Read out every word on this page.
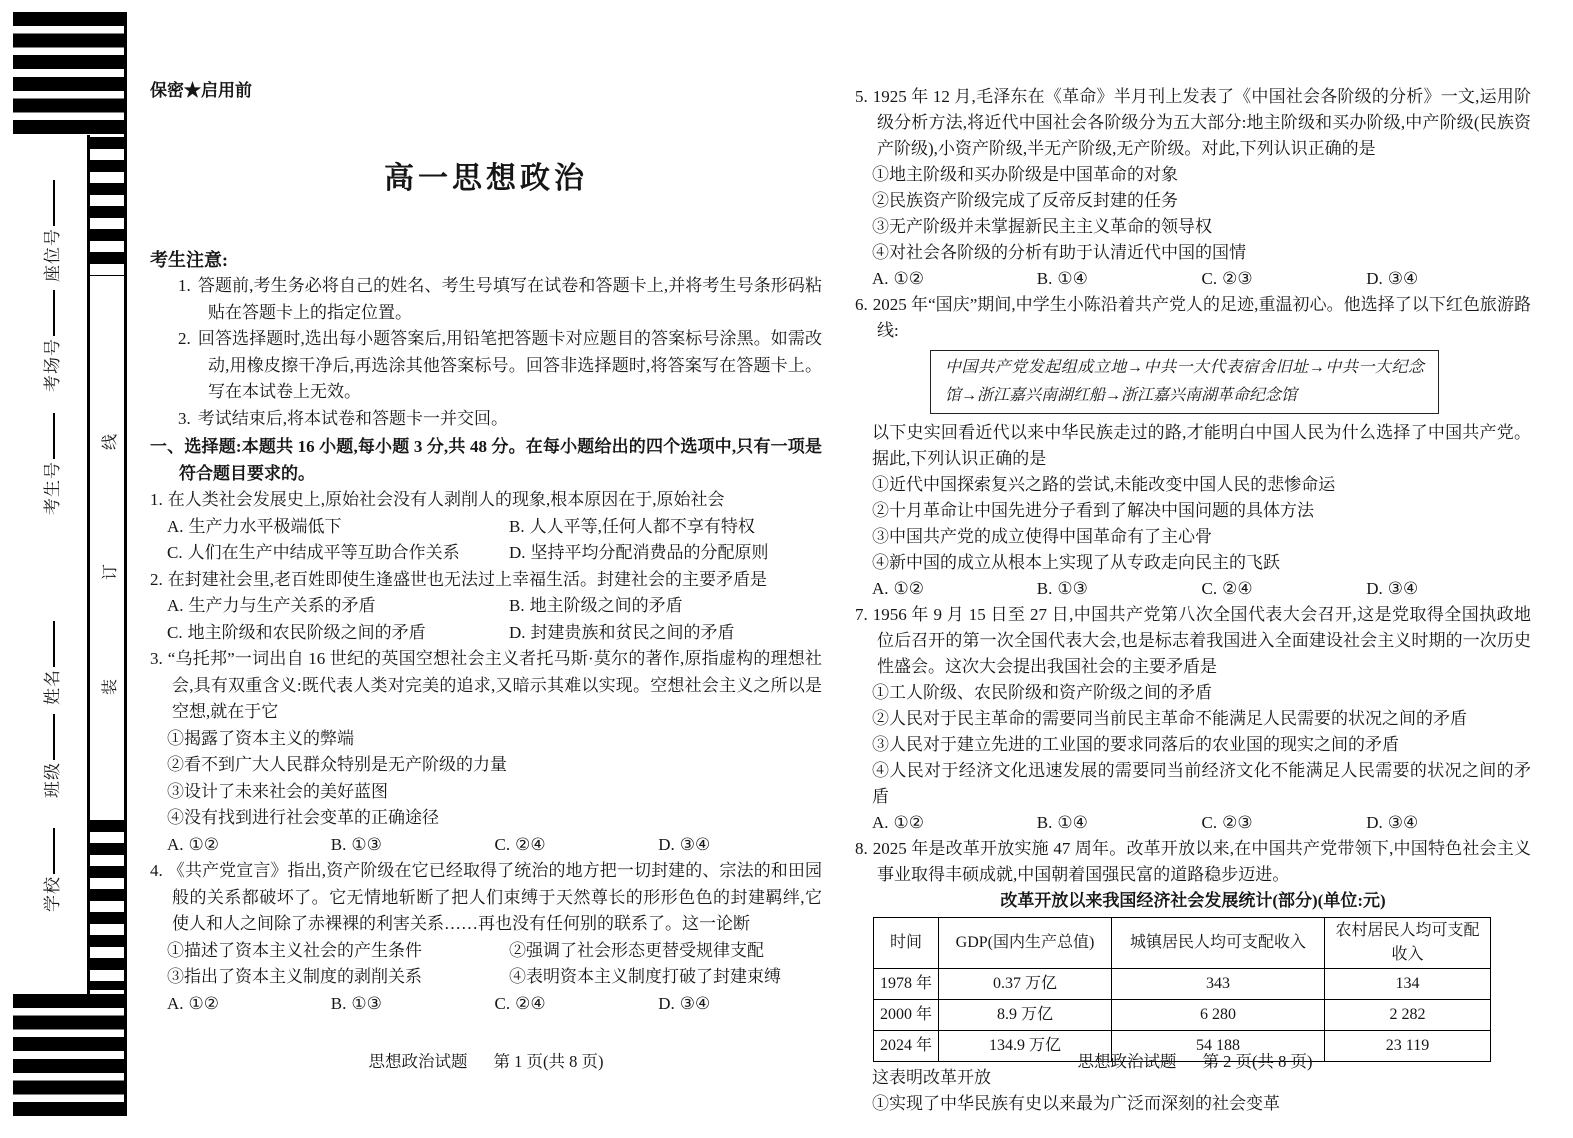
学校
班级
姓名
考生号
考场号
座位号
装
订
线
保密★启用前
高一思想政治
考生注意:
1. 答题前,考生务必将自己的姓名、考生号填写在试卷和答题卡上,并将考生号条形码粘贴在答题卡上的指定位置。
2. 回答选择题时,选出每小题答案后,用铅笔把答题卡对应题目的答案标号涂黑。如需改动,用橡皮擦干净后,再选涂其他答案标号。回答非选择题时,将答案写在答题卡上。写在本试卷上无效。
3. 考试结束后,将本试卷和答题卡一并交回。
一、选择题:本题共 16 小题,每小题 3 分,共 48 分。在每小题给出的四个选项中,只有一项是符合题目要求的。
1. 在人类社会发展史上,原始社会没有人剥削人的现象,根本原因在于,原始社会
A. 生产力水平极端低下	B. 人人平等,任何人都不享有特权
C. 人们在生产中结成平等互助合作关系	D. 坚持平均分配消费品的分配原则
2. 在封建社会里,老百姓即使生逢盛世也无法过上幸福生活。封建社会的主要矛盾是
A. 生产力与生产关系的矛盾	B. 地主阶级之间的矛盾
C. 地主阶级和农民阶级之间的矛盾	D. 封建贵族和贫民之间的矛盾
3. “乌托邦”一词出自 16 世纪的英国空想社会主义者托马斯·莫尔的著作,原指虚构的理想社会,具有双重含义:既代表人类对完美的追求,又暗示其难以实现。空想社会主义之所以是空想,就在于它
①揭露了资本主义的弊端
②看不到广大人民群众特别是无产阶级的力量
③设计了未来社会的美好蓝图
④没有找到进行社会变革的正确途径
A. ①②	B. ①③	C. ②④	D. ③④
4. 《共产党宣言》指出,资产阶级在它已经取得了统治的地方把一切封建的、宗法的和田园般的关系都破坏了。它无情地斩断了把人们束缚于天然尊长的形形色色的封建羁绊,它使人和人之间除了赤裸裸的利害关系……再也没有任何别的联系了。这一论断
①描述了资本主义社会的产生条件	②强调了社会形态更替受规律支配
③指出了资本主义制度的剥削关系	④表明资本主义制度打破了封建束缚
A. ①②	B. ①③	C. ②④	D. ③④
5. 1925 年 12 月,毛泽东在《革命》半月刊上发表了《中国社会各阶级的分析》一文,运用阶级分析方法,将近代中国社会各阶级分为五大部分:地主阶级和买办阶级,中产阶级(民族资产阶级),小资产阶级,半无产阶级,无产阶级。对此,下列认识正确的是
①地主阶级和买办阶级是中国革命的对象
②民族资产阶级完成了反帝反封建的任务
③无产阶级并未掌握新民主主义革命的领导权
④对社会各阶级的分析有助于认清近代中国的国情
A. ①②	B. ①④	C. ②③	D. ③④
6. 2025 年“国庆”期间,中学生小陈沿着共产党人的足迹,重温初心。他选择了以下红色旅游路线:
中国共产党发起组成立地→中共一大代表宿舍旧址→中共一大纪念馆→浙江嘉兴南湖红船→浙江嘉兴南湖革命纪念馆
以下史实回看近代以来中华民族走过的路,才能明白中国人民为什么选择了中国共产党。据此,下列认识正确的是
①近代中国探索复兴之路的尝试,未能改变中国人民的悲惨命运
②十月革命让中国先进分子看到了解决中国问题的具体方法
③中国共产党的成立使得中国革命有了主心骨
④新中国的成立从根本上实现了从专政走向民主的飞跃
A. ①②	B. ①③	C. ②④	D. ③④
7. 1956 年 9 月 15 日至 27 日,中国共产党第八次全国代表大会召开,这是党取得全国执政地位后召开的第一次全国代表大会,也是标志着我国进入全面建设社会主义时期的一次历史性盛会。这次大会提出我国社会的主要矛盾是
①工人阶级、农民阶级和资产阶级之间的矛盾
②人民对于民主革命的需要同当前民主革命不能满足人民需要的状况之间的矛盾
③人民对于建立先进的工业国的要求同落后的农业国的现实之间的矛盾
④人民对于经济文化迅速发展的需要同当前经济文化不能满足人民需要的状况之间的矛盾
A. ①②	B. ①④	C. ②③	D. ③④
8. 2025 年是改革开放实施 47 周年。改革开放以来,在中国共产党带领下,中国特色社会主义事业取得丰硕成就,中国朝着国强民富的道路稳步迈进。
改革开放以来我国经济社会发展统计(部分)(单位:元)
时间	GDP(国内生产总值)	城镇居民人均可支配收入	农村居民人均可支配收入
1978 年	0.37 万亿	343	134
2000 年	8.9 万亿	6 280	2 282
2024 年	134.9 万亿	54 188	23 119
这表明改革开放
①实现了中华民族有史以来最为广泛而深刻的社会变革
思想政治试题 第 1 页(共 8 页)	思想政治试题 第 2 页(共 8 页)
